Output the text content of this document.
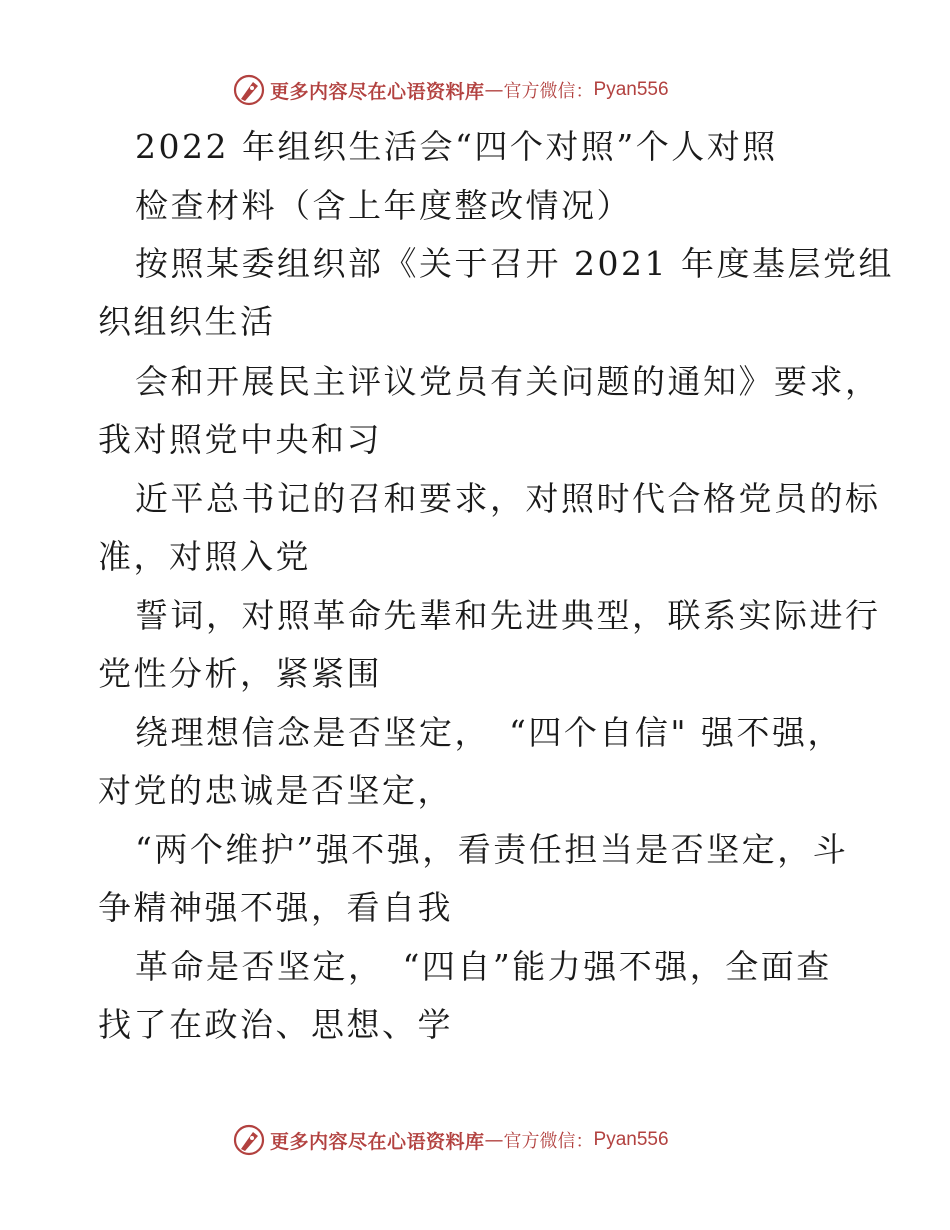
更多内容尽在心语资料库 — 官方微信： Pyan556
2022 年组织生活会“四个对照”个人对照
检查材料（含上年度整改情况）
按照某委组织部《关于召开 2021 年度基层党组
织组织生活
会和开展民主评议党员有关问题的通知》要求，
我对照党中央和习
近平总书记的召和要求，对照时代合格党员的标
准，对照入党
誓词，对照革命先辈和先进典型，联系实际进行
党性分析，紧紧围
绕理想信念是否坚定，　“四个自信" 强不强，
对党的忠诚是否坚定，
“两个维护”强不强，看责任担当是否坚定，斗
争精神强不强，看自我
革命是否坚定，　“四自”能力强不强，全面查
找了在政治、思想、学
更多内容尽在心语资料库 — 官方微信： Pyan556
